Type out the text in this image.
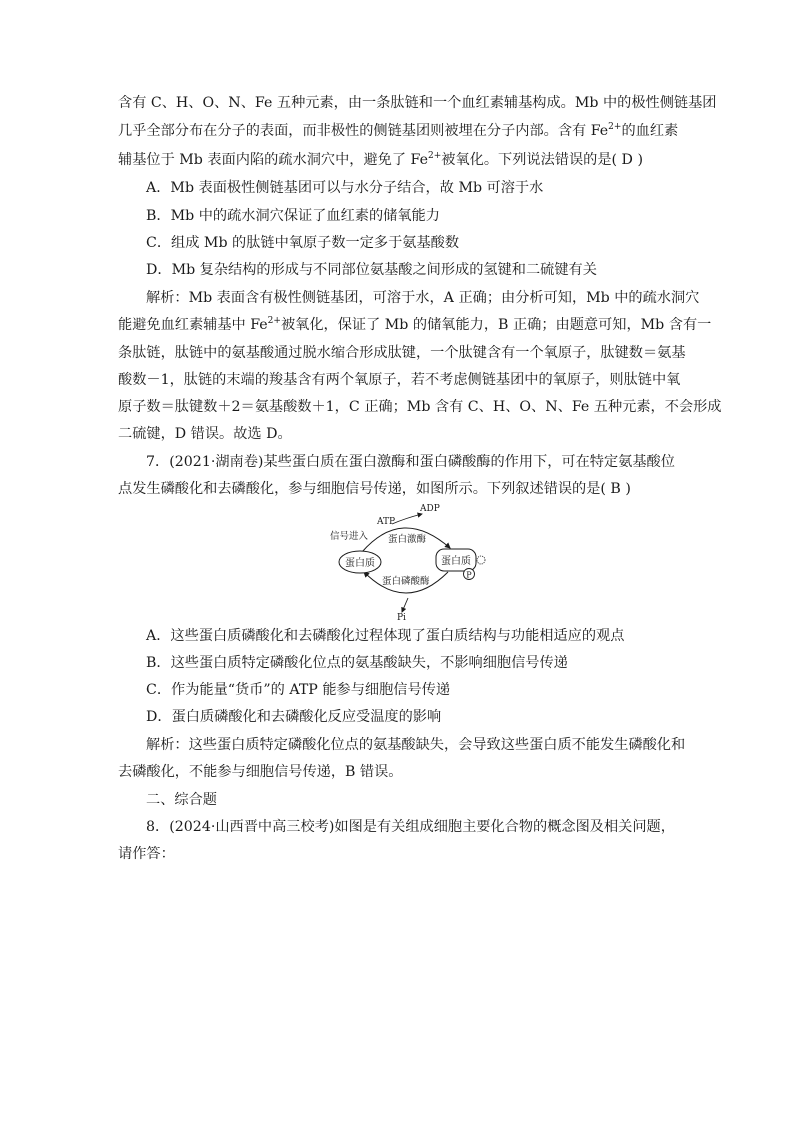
含有 C、H、O、N、Fe 五种元素，由一条肽链和一个血红素辅基构成。Mb 中的极性侧链基团
几乎全部分布在分子的表面，而非极性的侧链基团则被埋在分子内部。含有 $Fe^{2+}$的血红素
辅基位于 Mb 表面内陷的疏水洞穴中，避免了 $Fe^{2+}$被氧化。下列说法错误的是( D )
A．Mb 表面极性侧链基团可以与水分子结合，故 Mb 可溶于水
B．Mb 中的疏水洞穴保证了血红素的储氧能力
C．组成 Mb 的肽链中氧原子数一定多于氨基酸数
D．Mb 复杂结构的形成与不同部位氨基酸之间形成的氢键和二硫键有关
解析：Mb 表面含有极性侧链基团，可溶于水，A 正确；由分析可知，Mb 中的疏水洞穴
能避免血红素辅基中 $Fe^{2+}$被氧化，保证了 Mb 的储氧能力，B 正确；由题意可知，Mb 含有一
条肽链，肽链中的氨基酸通过脱水缩合形成肽键，一个肽键含有一个氧原子，肽键数＝氨基
酸数－1，肽链的末端的羧基含有两个氧原子，若不考虑侧链基团中的氧原子，则肽链中氧
原子数＝肽键数＋2＝氨基酸数＋1，C 正确；Mb 含有 C、H、O、N、Fe 五种元素，不会形成
二硫键，D 错误。故选 D。
7．(2021·湖南卷)某些蛋白质在蛋白激酶和蛋白磷酸酶的作用下，可在特定氨基酸位
点发生磷酸化和去磷酸化，参与细胞信号传递，如图所示。下列叙述错误的是( B )
蛋白质	蛋白质
P
ADP
ATP
信号进入 蛋白激酶
蛋白磷酸酶
Pi
A．这些蛋白质磷酸化和去磷酸化过程体现了蛋白质结构与功能相适应的观点
B．这些蛋白质特定磷酸化位点的氨基酸缺失，不影响细胞信号传递
C．作为能量“货币”的 ATP 能参与细胞信号传递
D．蛋白质磷酸化和去磷酸化反应受温度的影响
解析：这些蛋白质特定磷酸化位点的氨基酸缺失，会导致这些蛋白质不能发生磷酸化和
去磷酸化，不能参与细胞信号传递，B 错误。
二、综合题
8．(2024·山西晋中高三校考)如图是有关组成细胞主要化合物的概念图及相关问题，
请作答：
